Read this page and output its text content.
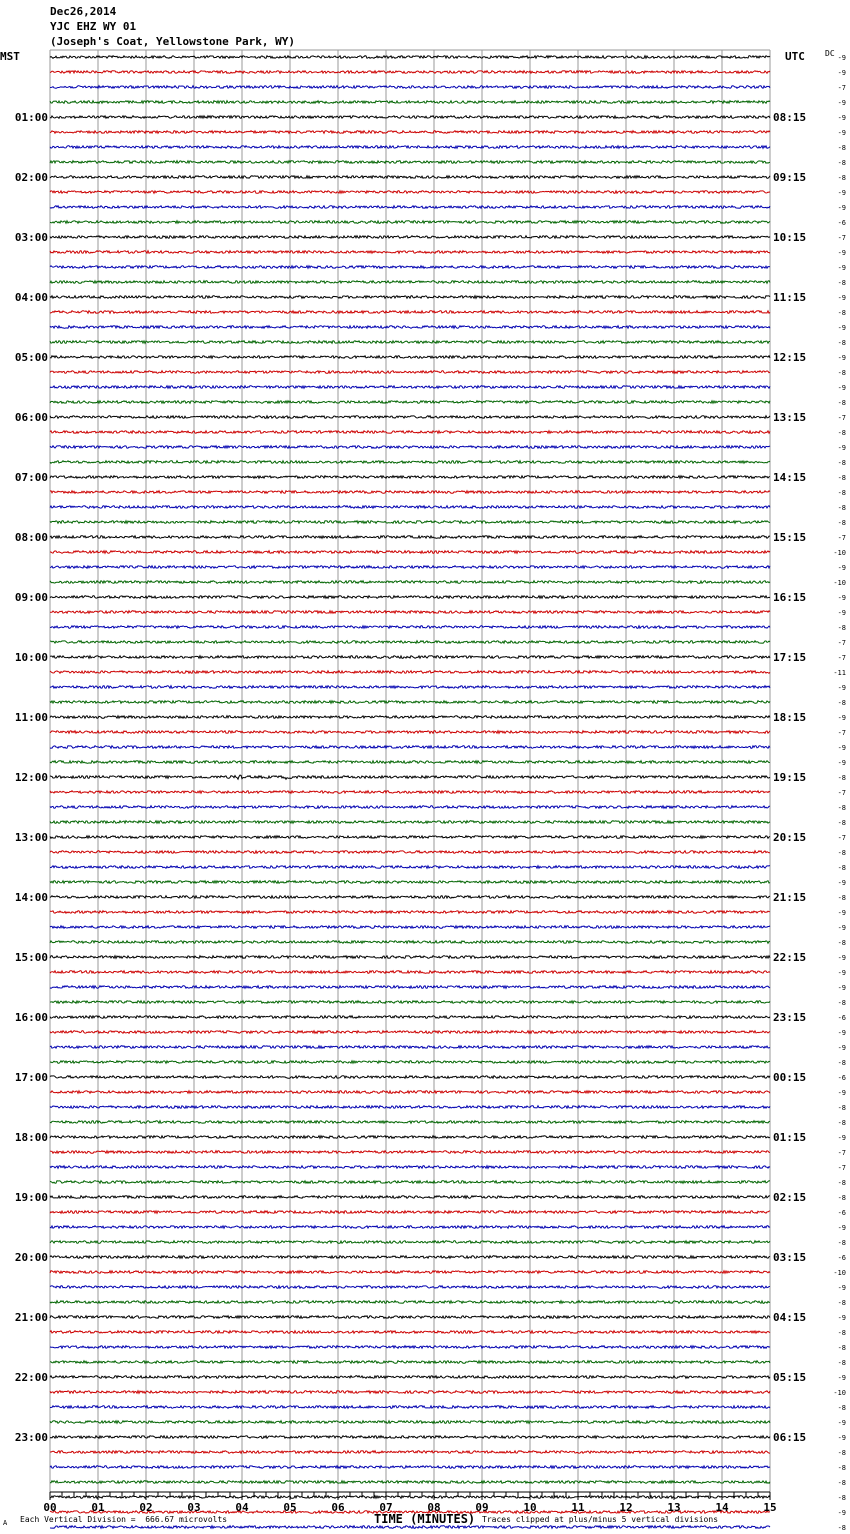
Dec26,2014
YJC EHZ WY 01
(Joseph's Coat, Yellowstone Park, WY)
MST	UTC	DC
00	01	02	03	04	05	06	07	08	09	10	11	12	13	14	15
-9
-9
-7
-9
-9
-9
-8
-8
-8
-9
-9
-6
-7
-9
-9
-8
-9
-8
-9
-8
-9
-8
-9
-8
-7
-8
-9
-8
-8
-8
-8
-8
-7
-10
-9
-10
-9
-9
-8
-7
-7
-11
-9
-8
-9
-7
-9
-9
-8
-7
-8
-8
-7
-8
-8
-9
-8
-9
-9
-8
-9
-9
-9
-8
-6
-9
-9
-8
-6
-9
-8
-8
-9
-7
-7
-8
-8
-6
-9
-8
-6
-10
-9
-8
-9
-8
-8
-8
-9
-10
-8
-9
-9
-8
-8
-8
-8
-9
-8
01:00
02:00
03:00
04:00
05:00
06:00
07:00
08:00
09:00
10:00
11:00
12:00
13:00
14:00
15:00
16:00
17:00
18:00
19:00
20:00
21:00
22:00
23:00
08:15
09:15
10:15
11:15
12:15
13:15
14:15
15:15
16:15
17:15
18:15
19:15
20:15
21:15
22:15
23:15
00:15
01:15
02:15
03:15
04:15
05:15
06:15
A Each Vertical Division =  666.67 microvolts	TIME (MINUTES) Traces clipped at plus/minus 5 vertical divisions
